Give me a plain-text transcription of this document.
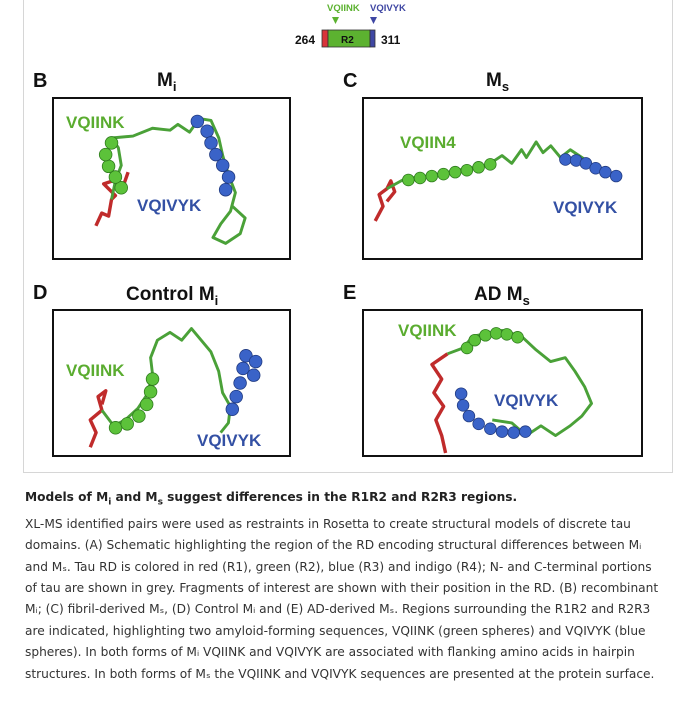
VQIINK VQIVYK
R2
264	311
B	$M_i$
VQIINK
VQIVYK
C	$M_s$
VQIIN4
VQIVYK
D	Control $M_i$
VQIINK
VQIVYK
E	AD $M_s$
VQIINK
VQIVYK
Models of $M_i$ and $M_s$ suggest differences in the R1R2 and R2R3 regions.
XL-MS identified pairs were used as restraints in Rosetta to create structural models of discrete tau domains. (A) Schematic highlighting the region of the RD encoding structural differences between Mᵢ and Mₛ. Tau RD is colored in red (R1), green (R2), blue (R3) and indigo (R4); N- and C-terminal portions of tau are shown in grey. Fragments of interest are shown with their position in the RD. (B) recombinant Mᵢ; (C) fibril-derived Mₛ, (D) Control Mᵢ and (E) AD-derived Mₛ. Regions surrounding the R1R2 and R2R3 are indicated, highlighting two amyloid-forming sequences, VQIINK (green spheres) and VQIVYK (blue spheres). In both forms of Mᵢ VQIINK and VQIVYK are associated with flanking amino acids in hairpin structures. In both forms of Mₛ the VQIINK and VQIVYK sequences are presented at the protein surface.
